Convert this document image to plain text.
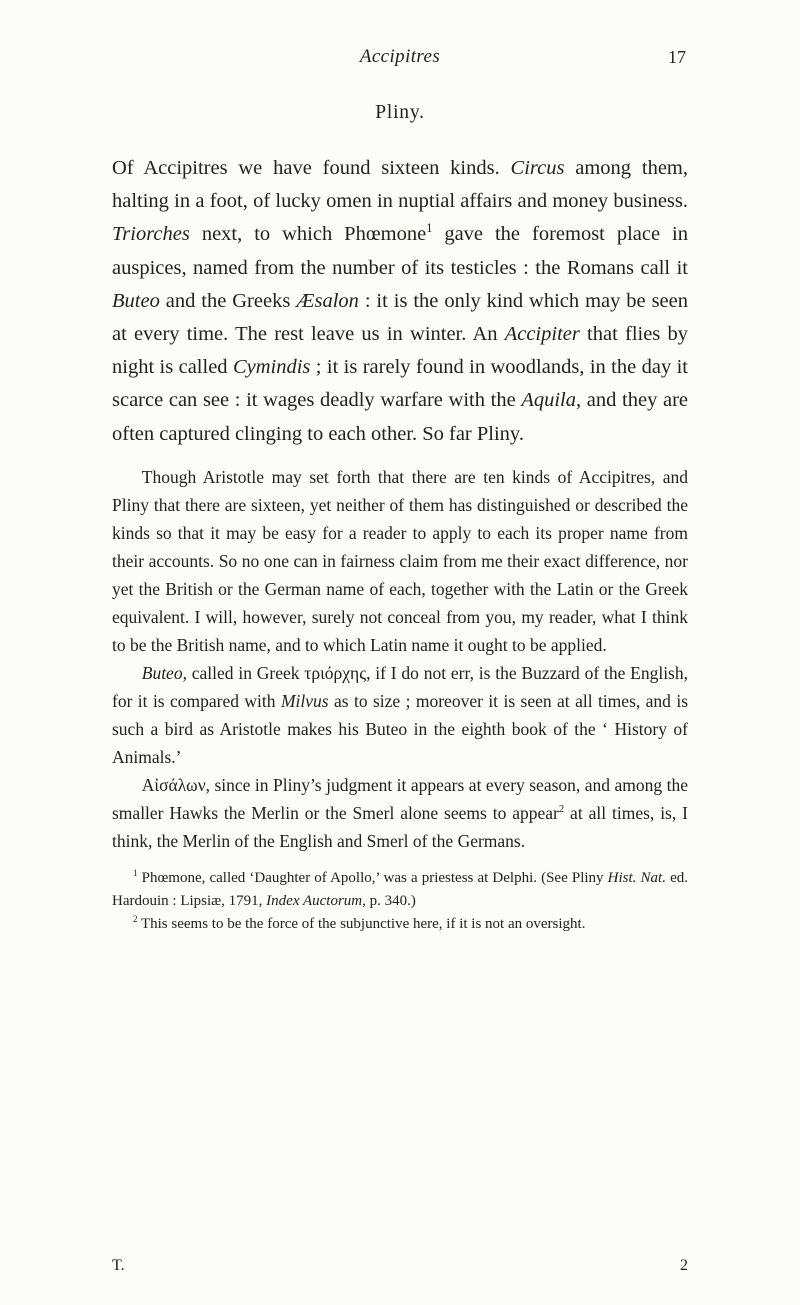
Accipitres	17
Pliny.

Of Accipitres we have found sixteen kinds. Circus among them, halting in a foot, of lucky omen in nuptial affairs and money business. Triorches next, to which Phœmone$^1$ gave the foremost place in auspices, named from the number of its testicles : the Romans call it Buteo and the Greeks Æsalon : it is the only kind which may be seen at every time. The rest leave us in winter. An Accipiter that flies by night is called Cymindis ; it is rarely found in woodlands, in the day it scarce can see : it wages deadly warfare with the Aquila, and they are often captured clinging to each other. So far Pliny.

Though Aristotle may set forth that there are ten kinds of Accipitres, and Pliny that there are sixteen, yet neither of them has distinguished or described the kinds so that it may be easy for a reader to apply to each its proper name from their accounts. So no one can in fairness claim from me their exact difference, nor yet the British or the German name of each, together with the Latin or the Greek equivalent. I will, however, surely not conceal from you, my reader, what I think to be the British name, and to which Latin name it ought to be applied.

Buteo, called in Greek τριόρχης, if I do not err, is the Buzzard of the English, for it is compared with Milvus as to size ; moreover it is seen at all times, and is such a bird as Aristotle makes his Buteo in the eighth book of the ‘ History of Animals.’

Αἰσάλων, since in Pliny’s judgment it appears at every season, and among the smaller Hawks the Merlin or the Smerl alone seems to appear$^2$ at all times, is, I think, the Merlin of the English and Smerl of the Germans.

$^1$ Phœmone, called ‘Daughter of Apollo,’ was a priestess at Delphi. (See Pliny Hist. Nat. ed. Hardouin : Lipsiæ, 1791, Index Auctorum, p. 340.)

$^2$ This seems to be the force of the subjunctive here, if it is not an oversight.

T.	2
